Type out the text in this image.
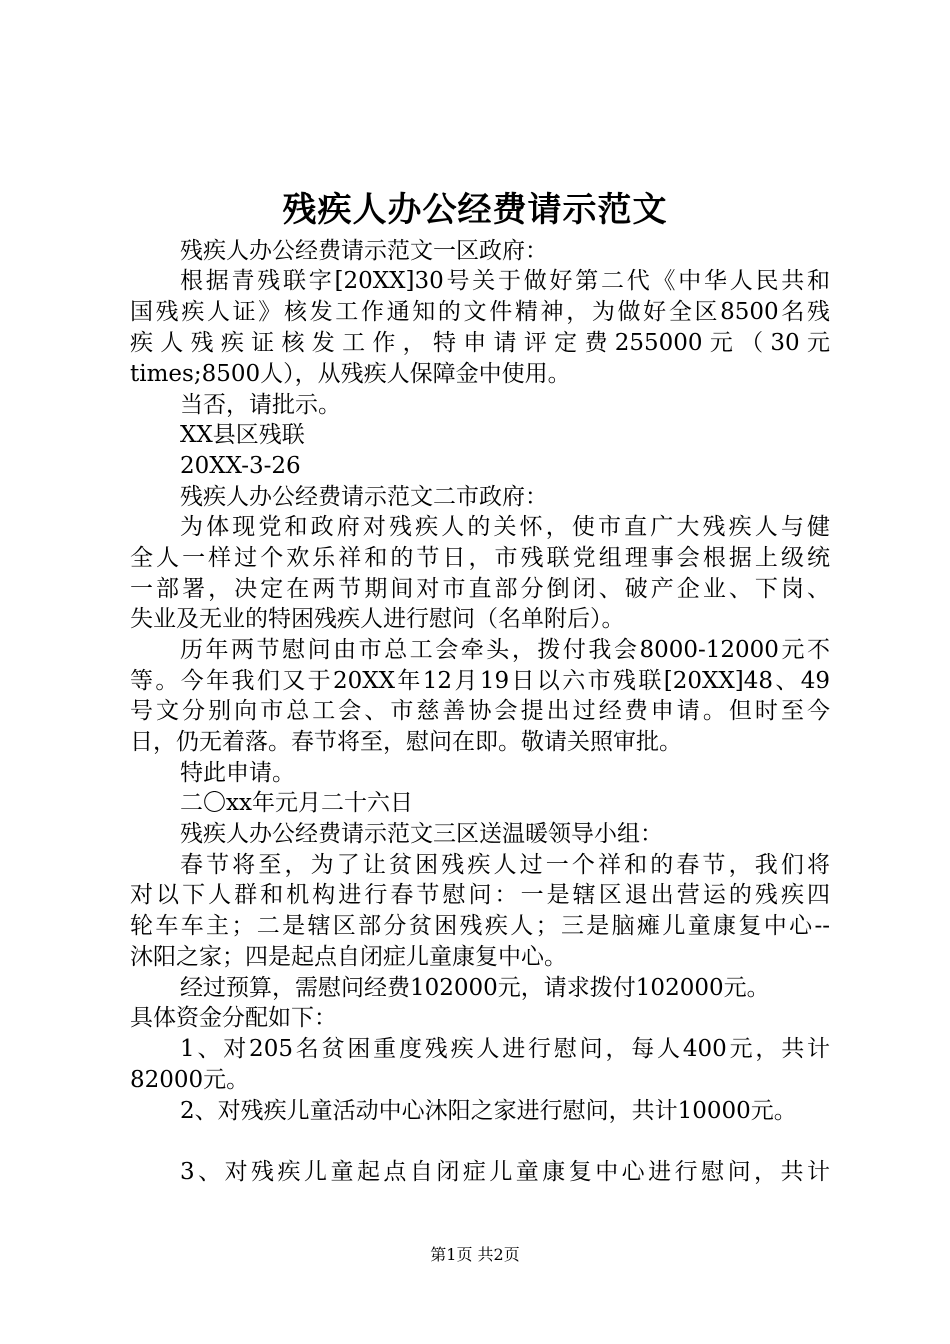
残疾人办公经费请示范文
残疾人办公经费请示范文一区政府：
根据青残联字[20XX]30号关于做好第二代《中华人民共和
国残疾人证》核发工作通知的文件精神，为做好全区8500名残
疾人残疾证核发工作，特申请评定费255000元（30元
times;8500人），从残疾人保障金中使用。
当否，请批示。
XX县区残联
20XX-3-26
残疾人办公经费请示范文二市政府：
为体现党和政府对残疾人的关怀，使市直广大残疾人与健
全人一样过个欢乐祥和的节日，市残联党组理事会根据上级统
一部署，决定在两节期间对市直部分倒闭、破产企业、下岗、
失业及无业的特困残疾人进行慰问（名单附后）。
历年两节慰问由市总工会牵头，拨付我会8000-12000元不
等。今年我们又于20XX年12月19日以六市残联[20XX]48、49
号文分别向市总工会、市慈善协会提出过经费申请。但时至今
日，仍无着落。春节将至，慰问在即。敬请关照审批。
特此申请。
二〇xx年元月二十六日
残疾人办公经费请示范文三区送温暖领导小组：
春节将至，为了让贫困残疾人过一个祥和的春节，我们将
对以下人群和机构进行春节慰问：一是辖区退出营运的残疾四
轮车车主；二是辖区部分贫困残疾人；三是脑瘫儿童康复中心--
沐阳之家；四是起点自闭症儿童康复中心。
经过预算，需慰问经费102000元，请求拨付102000元。
具体资金分配如下：
1、对205名贫困重度残疾人进行慰问，每人400元，共计
82000元。
2、对残疾儿童活动中心沐阳之家进行慰问，共计10000元。
3、对残疾儿童起点自闭症儿童康复中心进行慰问，共计
第1页 共2页
